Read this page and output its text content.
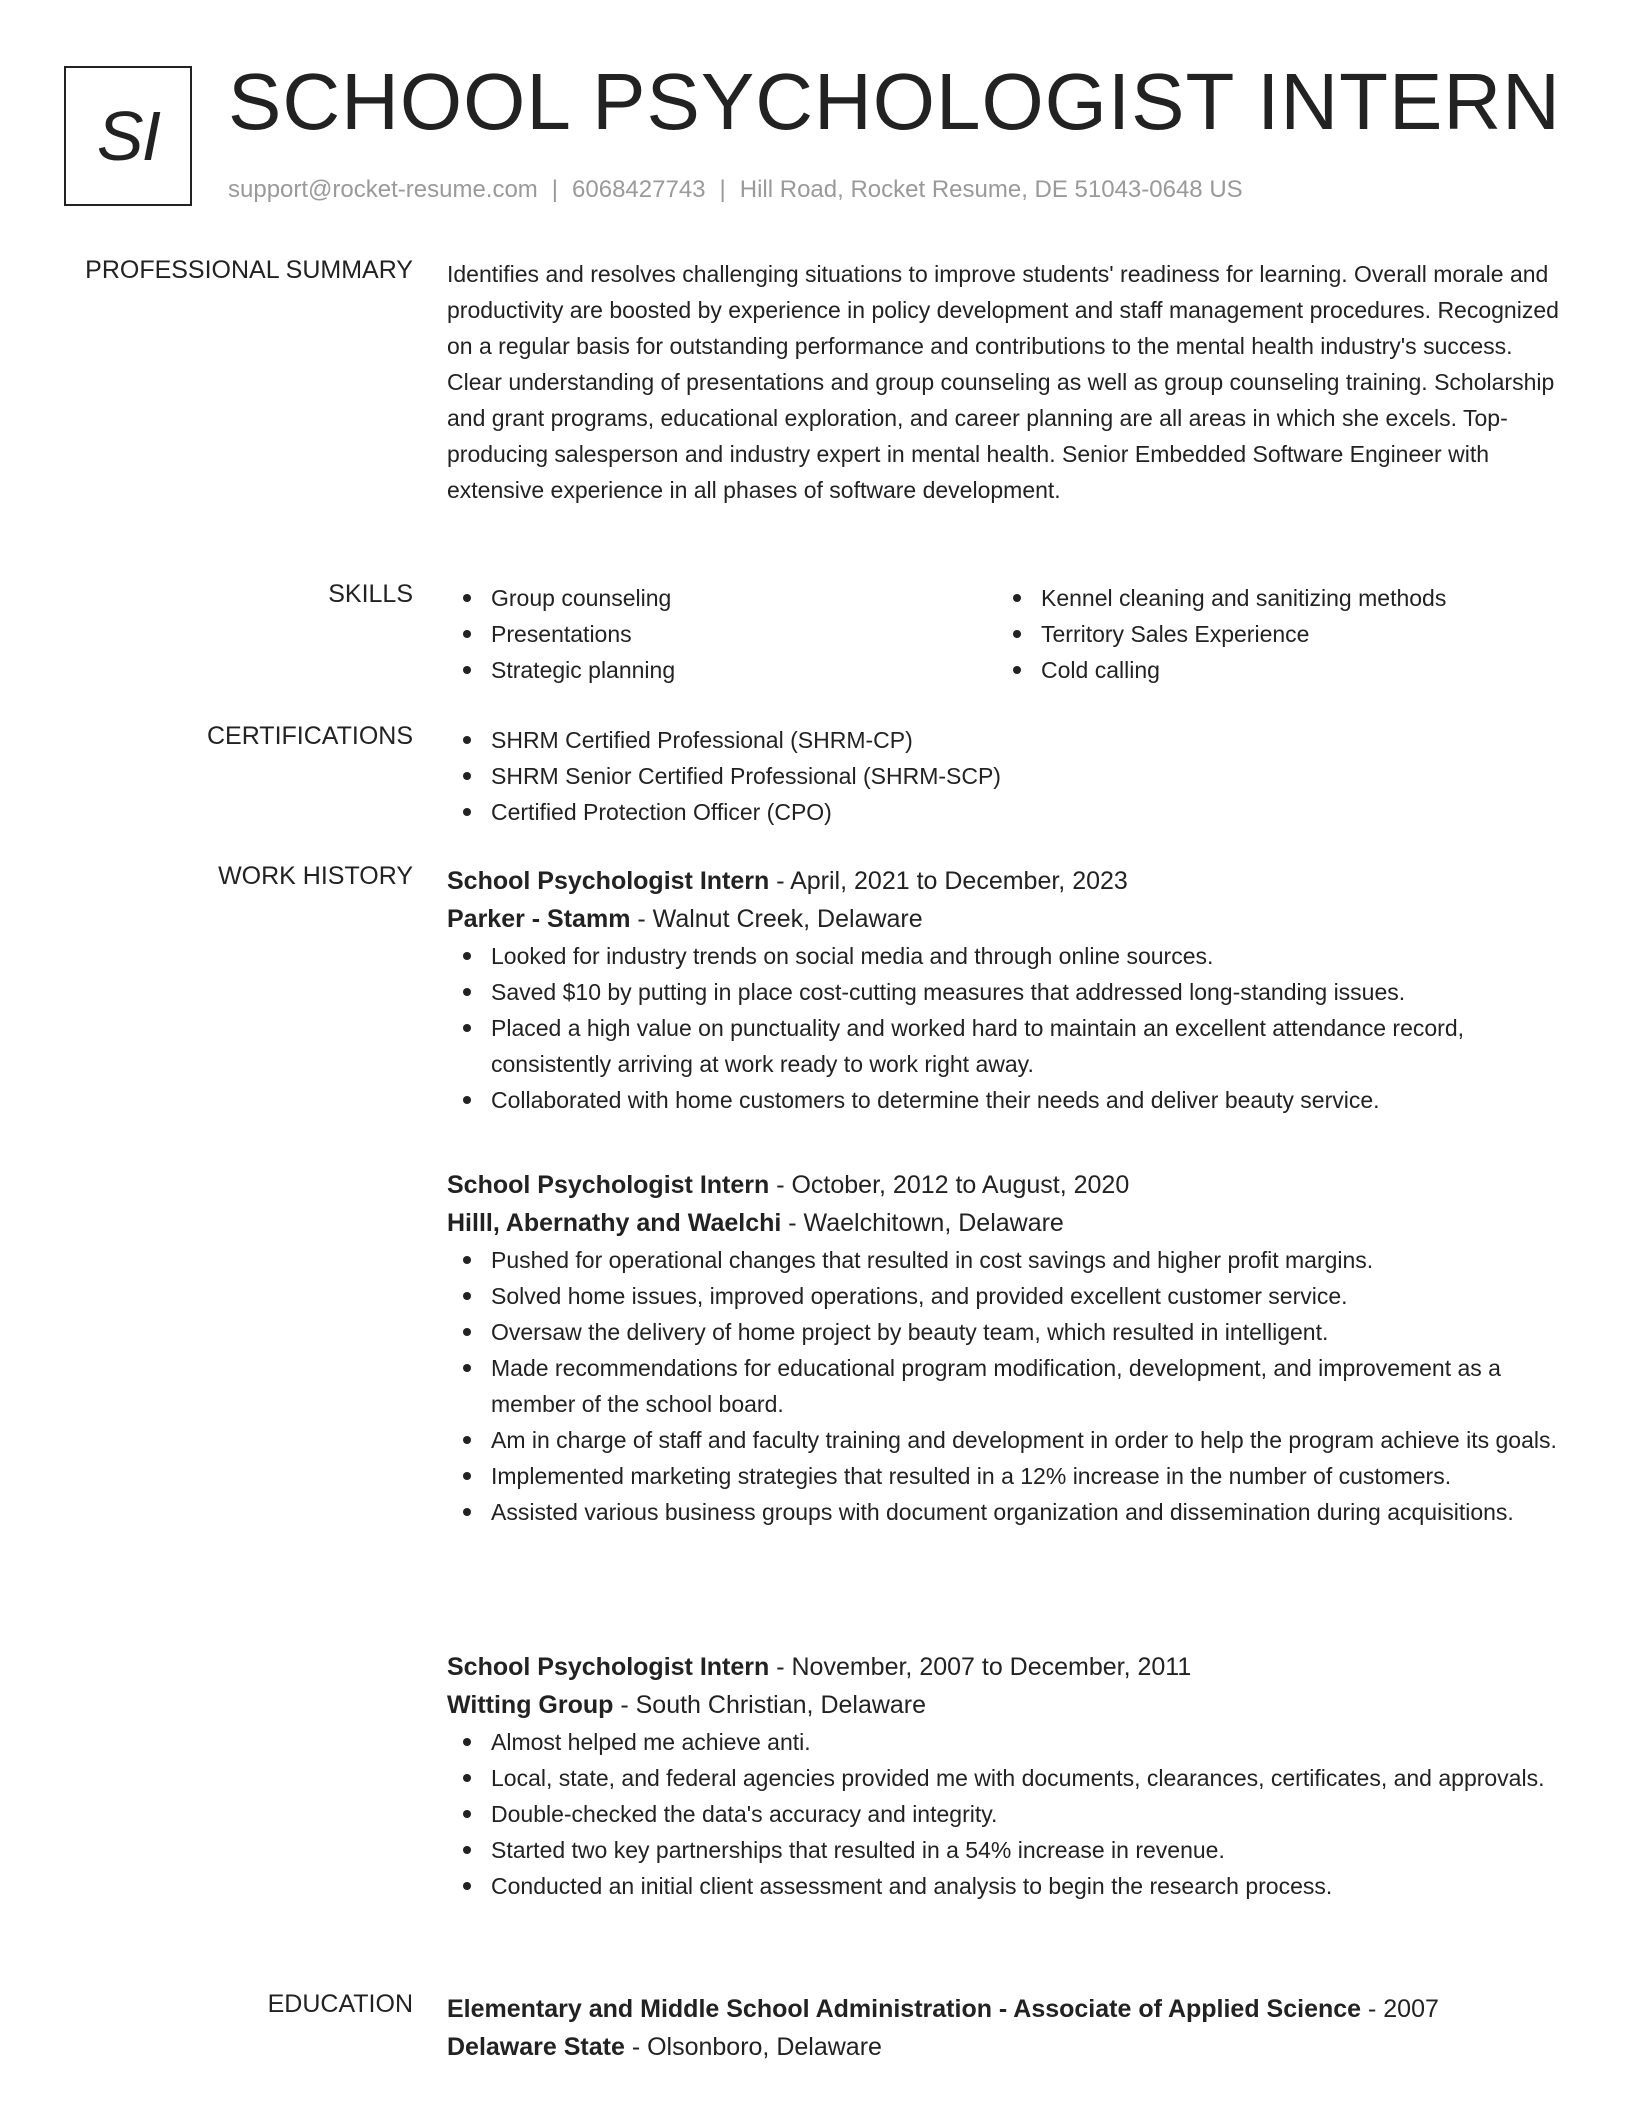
SI SCHOOL PSYCHOLOGIST INTERN
support@rocket-resume.com | 6068427743 | Hill Road, Rocket Resume, DE 51043-0648 US
PROFESSIONAL SUMMARY Identifies and resolves challenging situations to improve students' readiness for learning. Overall morale and productivity are boosted by experience in policy development and staff management procedures. Recognized on a regular basis for outstanding performance and contributions to the mental health industry's success. Clear understanding of presentations and group counseling as well as group counseling training. Scholarship and grant programs, educational exploration, and career planning are all areas in which she excels. Top-producing salesperson and industry expert in mental health. Senior Embedded Software Engineer with extensive experience in all phases of software development.
SKILLS	Group counseling
Presentations
Strategic planning
Kennel cleaning and sanitizing methods
Territory Sales Experience
Cold calling
CERTIFICATIONS	SHRM Certified Professional (SHRM-CP)
SHRM Senior Certified Professional (SHRM-SCP)
Certified Protection Officer (CPO)
WORK HISTORY School Psychologist Intern - April, 2021 to December, 2023
Parker - Stamm - Walnut Creek, Delaware
Looked for industry trends on social media and through online sources.
Saved $10 by putting in place cost-cutting measures that addressed long-standing issues.
Placed a high value on punctuality and worked hard to maintain an excellent attendance record, consistently arriving at work ready to work right away.
Collaborated with home customers to determine their needs and deliver beauty service.
School Psychologist Intern - October, 2012 to August, 2020
Hilll, Abernathy and Waelchi - Waelchitown, Delaware
Pushed for operational changes that resulted in cost savings and higher profit margins.
Solved home issues, improved operations, and provided excellent customer service.
Oversaw the delivery of home project by beauty team, which resulted in intelligent.
Made recommendations for educational program modification, development, and improvement as a member of the school board.
Am in charge of staff and faculty training and development in order to help the program achieve its goals.
Implemented marketing strategies that resulted in a 12% increase in the number of customers.
Assisted various business groups with document organization and dissemination during acquisitions.
School Psychologist Intern - November, 2007 to December, 2011
Witting Group - South Christian, Delaware
Almost helped me achieve anti.
Local, state, and federal agencies provided me with documents, clearances, certificates, and approvals.
Double-checked the data's accuracy and integrity.
Started two key partnerships that resulted in a 54% increase in revenue.
Conducted an initial client assessment and analysis to begin the research process.
EDUCATION Elementary and Middle School Administration - Associate of Applied Science - 2007
Delaware State - Olsonboro, Delaware
